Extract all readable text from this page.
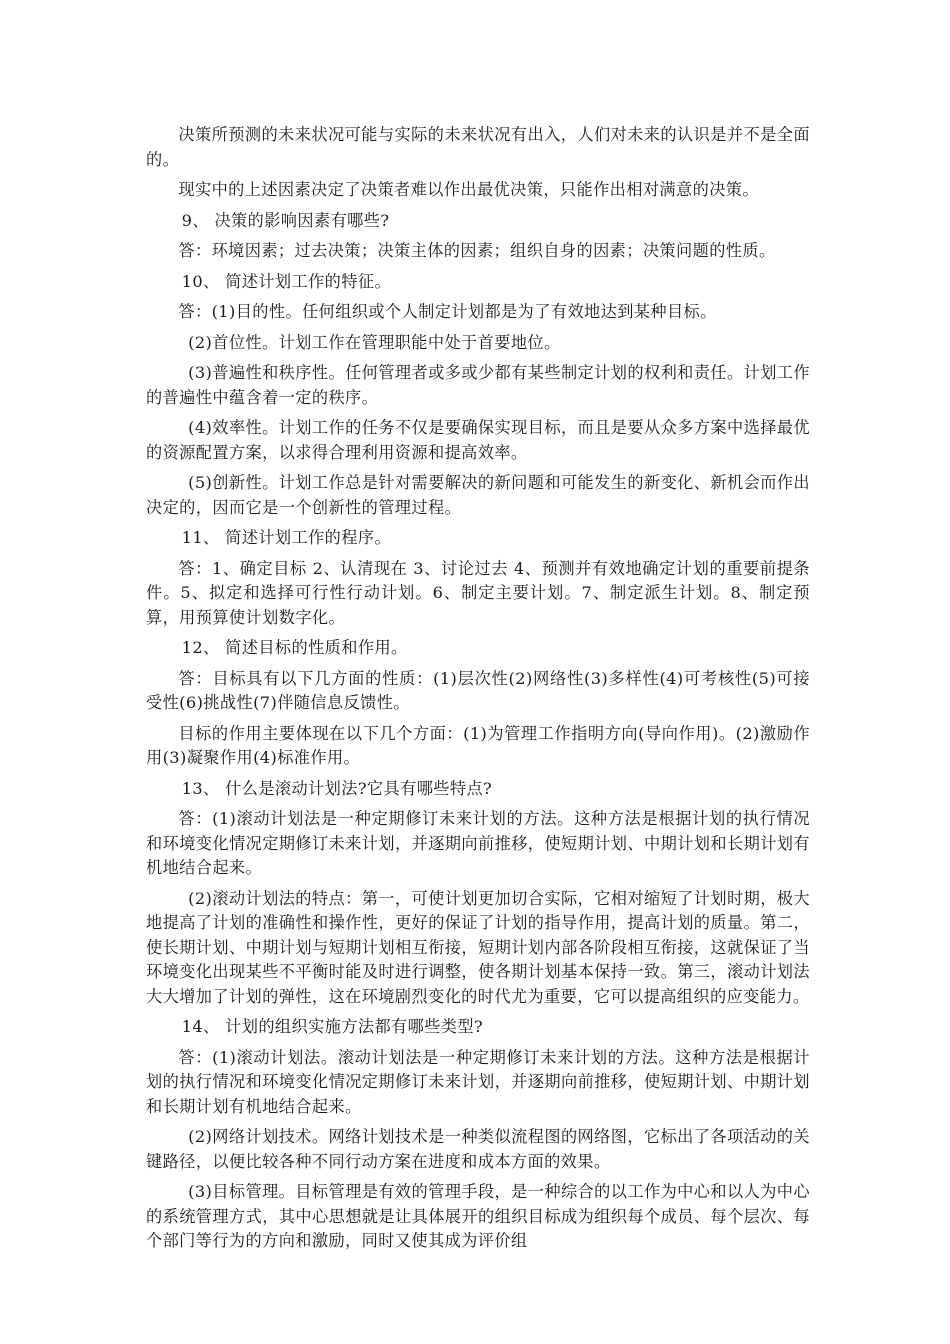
决策所预测的未来状况可能与实际的未来状况有出入，人们对未来的认识是并不是全面的。

现实中的上述因素决定了决策者难以作出最优决策，只能作出相对满意的决策。

9、 决策的影响因素有哪些?

答：环境因素；过去决策；决策主体的因素；组织自身的因素；决策问题的性质。

10、 简述计划工作的特征。

答：(1)目的性。任何组织或个人制定计划都是为了有效地达到某种目标。

(2)首位性。计划工作在管理职能中处于首要地位。

(3)普遍性和秩序性。任何管理者或多或少都有某些制定计划的权利和责任。计划工作的普遍性中蕴含着一定的秩序。

(4)效率性。计划工作的任务不仅是要确保实现目标，而且是要从众多方案中选择最优的资源配置方案，以求得合理利用资源和提高效率。

(5)创新性。计划工作总是针对需要解决的新问题和可能发生的新变化、新机会而作出决定的，因而它是一个创新性的管理过程。

11、 简述计划工作的程序。

答：1、确定目标 2、认清现在 3、讨论过去 4、预测并有效地确定计划的重要前提条件。5、拟定和选择可行性行动计划。6、制定主要计划。7、制定派生计划。8、制定预算，用预算使计划数字化。

12、 简述目标的性质和作用。

答：目标具有以下几方面的性质：(1)层次性(2)网络性(3)多样性(4)可考核性(5)可接受性(6)挑战性(7)伴随信息反馈性。

目标的作用主要体现在以下几个方面：(1)为管理工作指明方向(导向作用)。(2)激励作用(3)凝聚作用(4)标准作用。

13、 什么是滚动计划法?它具有哪些特点?

答：(1)滚动计划法是一种定期修订未来计划的方法。这种方法是根据计划的执行情况和环境变化情况定期修订未来计划，并逐期向前推移，使短期计划、中期计划和长期计划有机地结合起来。

(2)滚动计划法的特点：第一，可使计划更加切合实际，它相对缩短了计划时期，极大地提高了计划的准确性和操作性，更好的保证了计划的指导作用，提高计划的质量。第二，使长期计划、中期计划与短期计划相互衔接，短期计划内部各阶段相互衔接，这就保证了当环境变化出现某些不平衡时能及时进行调整，使各期计划基本保持一致。第三，滚动计划法大大增加了计划的弹性，这在环境剧烈变化的时代尤为重要，它可以提高组织的应变能力。

14、 计划的组织实施方法都有哪些类型?

答：(1)滚动计划法。滚动计划法是一种定期修订未来计划的方法。这种方法是根据计划的执行情况和环境变化情况定期修订未来计划，并逐期向前推移，使短期计划、中期计划和长期计划有机地结合起来。

(2)网络计划技术。网络计划技术是一种类似流程图的网络图，它标出了各项活动的关键路径，以便比较各种不同行动方案在进度和成本方面的效果。

(3)目标管理。目标管理是有效的管理手段，是一种综合的以工作为中心和以人为中心的系统管理方式，其中心思想就是让具体展开的组织目标成为组织每个成员、每个层次、每个部门等行为的方向和激励，同时又使其成为评价组
